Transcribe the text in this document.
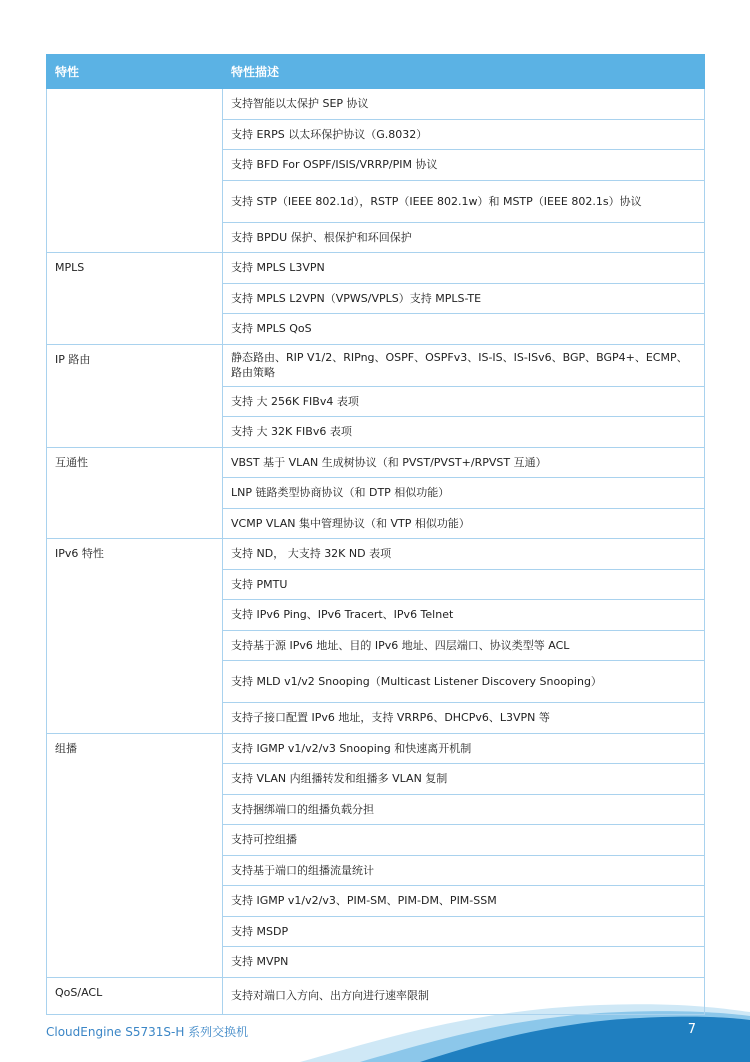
特性	特性描述
	支持智能以太保护 SEP 协议
	支持 ERPS 以太环保护协议（G.8032）
	支持 BFD For OSPF/ISIS/VRRP/PIM 协议
	支持 STP（IEEE 802.1d），RSTP（IEEE 802.1w）和 MSTP（IEEE 802.1s）协议
	支持 BPDU 保护、根保护和环回保护
MPLS	支持 MPLS L3VPN
	支持 MPLS L2VPN（VPWS/VPLS）支持 MPLS-TE
	支持 MPLS QoS
IP 路由	静态路由、RIP V1/2、RIPng、OSPF、OSPFv3、IS-IS、IS-ISv6、BGP、BGP4+、ECMP、路由策略
	支持 大 256K FIBv4 表项
	支持 大 32K FIBv6 表项
互通性	VBST 基于 VLAN 生成树协议（和 PVST/PVST+/RPVST 互通）
	LNP 链路类型协商协议（和 DTP 相似功能）
	VCMP VLAN 集中管理协议（和 VTP 相似功能）
IPv6 特性	支持 ND， 大支持 32K ND 表项
	支持 PMTU
	支持 IPv6 Ping、IPv6 Tracert、IPv6 Telnet
	支持基于源 IPv6 地址、目的 IPv6 地址、四层端口、协议类型等 ACL
	支持 MLD v1/v2 Snooping（Multicast Listener Discovery Snooping）
	支持子接口配置 IPv6 地址，支持 VRRP6、DHCPv6、L3VPN 等
组播	支持 IGMP v1/v2/v3 Snooping 和快速离开机制
	支持 VLAN 内组播转发和组播多 VLAN 复制
	支持捆绑端口的组播负载分担
	支持可控组播
	支持基于端口的组播流量统计
	支持 IGMP v1/v2/v3、PIM-SM、PIM-DM、PIM-SSM
	支持 MSDP
	支持 MVPN
QoS/ACL	支持对端口入方向、出方向进行速率限制
CloudEngine S5731S-H 系列交换机	7
